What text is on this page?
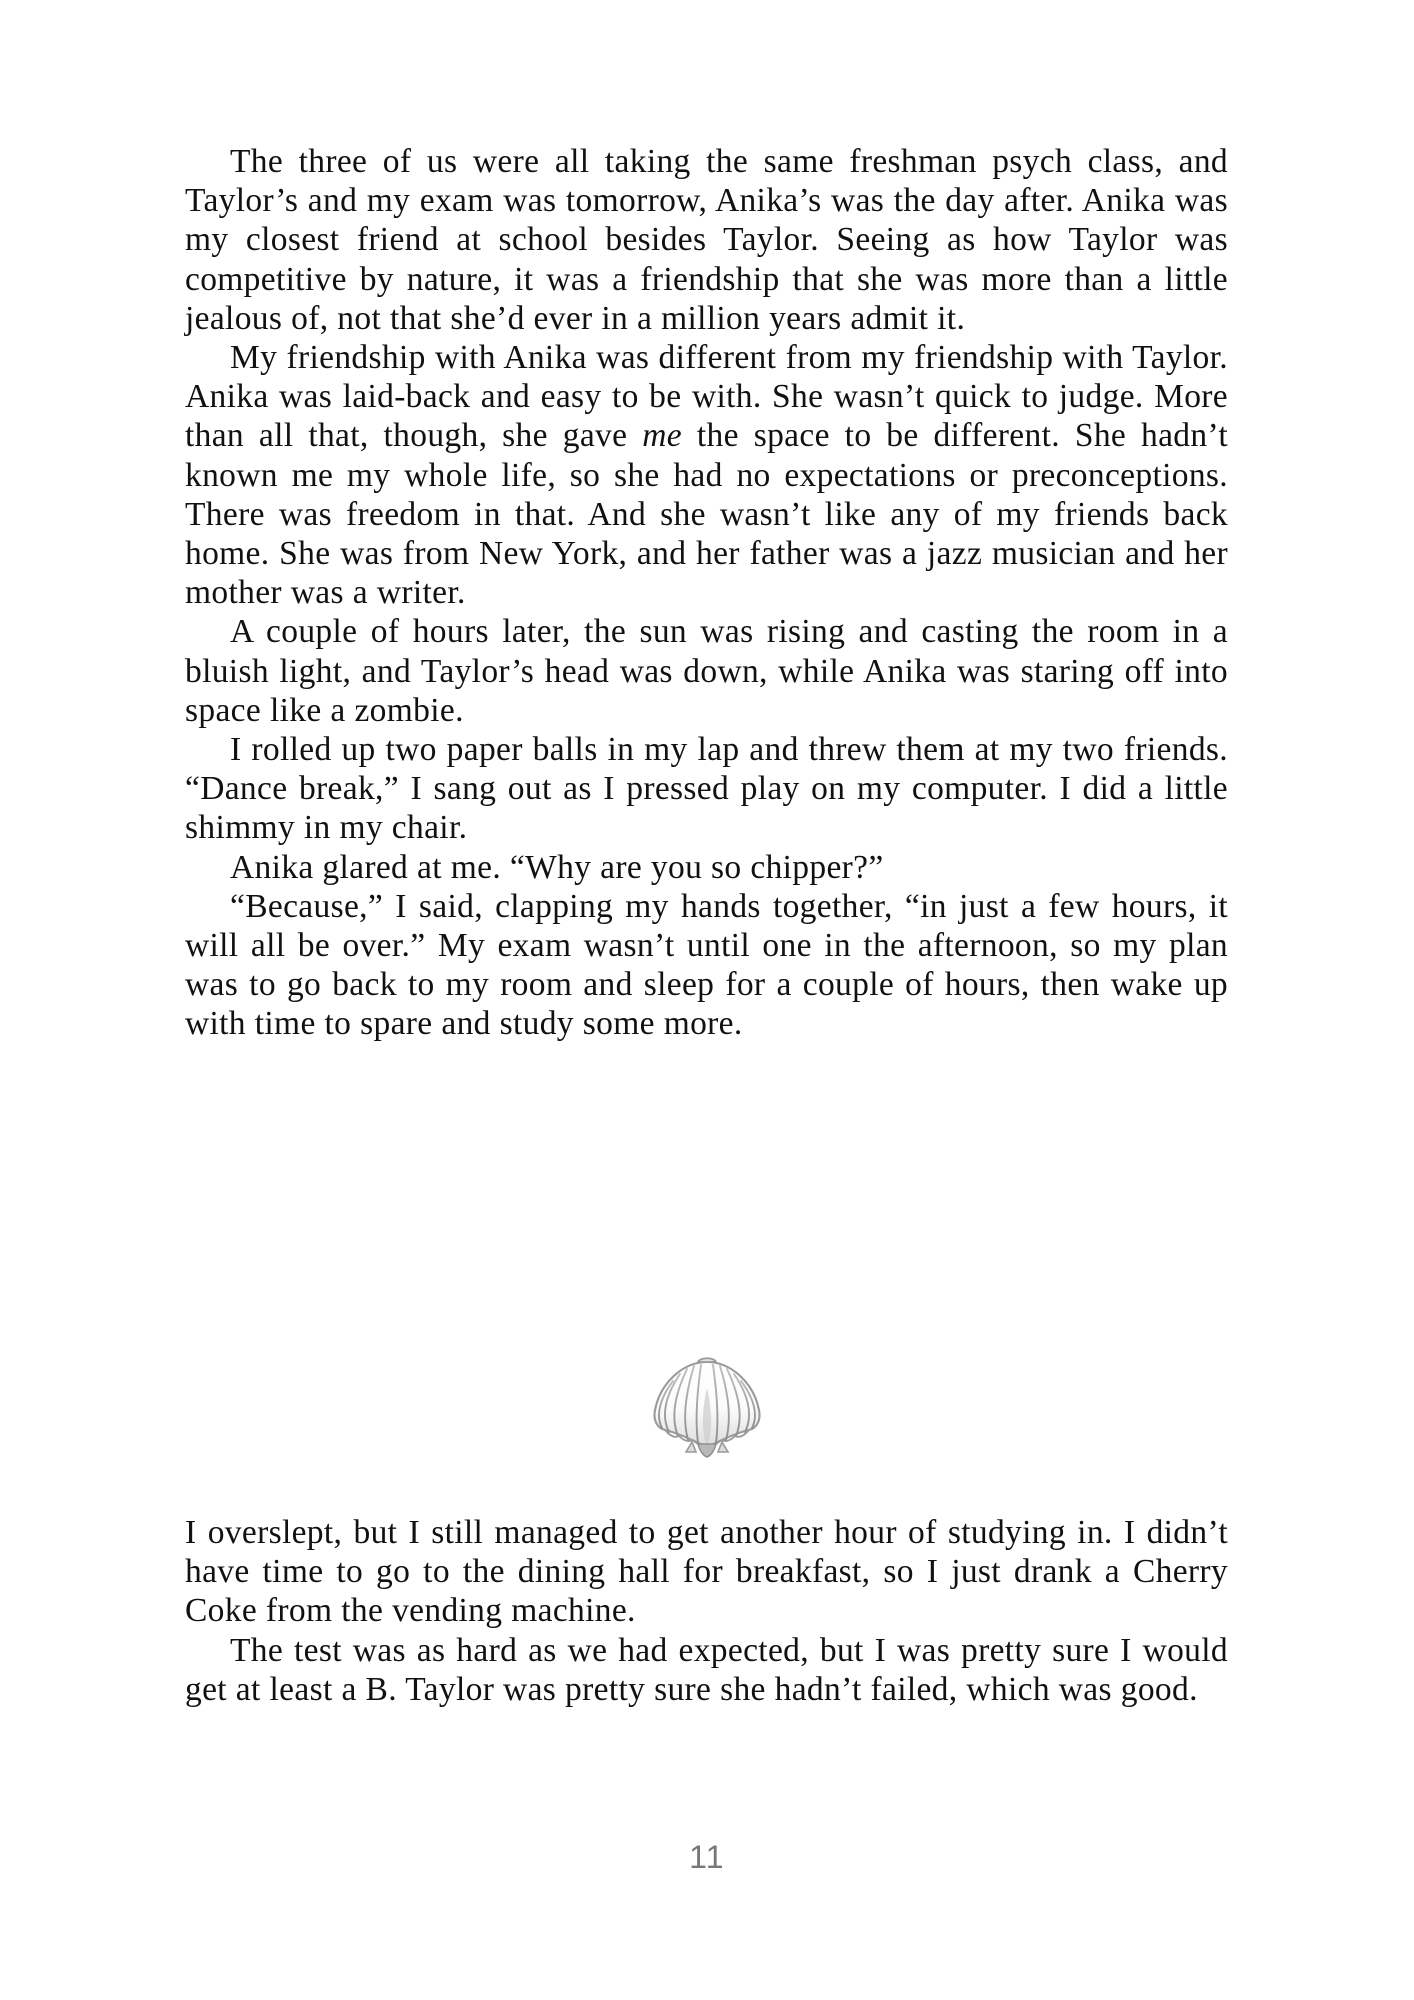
The three of us were all taking the same freshman psych class, and Taylor’s and my exam was tomorrow, Anika’s was the day after. Anika was my closest friend at school besides Taylor. Seeing as how Taylor was competitive by nature, it was a friendship that she was more than a little jealous of, not that she’d ever in a million years admit it.

My friendship with Anika was different from my friendship with Taylor. Anika was laid-back and easy to be with. She wasn’t quick to judge. More than all that, though, she gave me the space to be different. She hadn’t known me my whole life, so she had no expectations or preconceptions. There was freedom in that. And she wasn’t like any of my friends back home. She was from New York, and her father was a jazz musician and her mother was a writer.

A couple of hours later, the sun was rising and casting the room in a bluish light, and Taylor’s head was down, while Anika was staring off into space like a zombie.

I rolled up two paper balls in my lap and threw them at my two friends. “Dance break,” I sang out as I pressed play on my computer. I did a little shimmy in my chair.

Anika glared at me. “Why are you so chipper?”

“Because,” I said, clapping my hands together, “in just a few hours, it will all be over.” My exam wasn’t until one in the afternoon, so my plan was to go back to my room and sleep for a couple of hours, then wake up with time to spare and study some more.

I overslept, but I still managed to get another hour of studying in. I didn’t have time to go to the dining hall for breakfast, so I just drank a Cherry Coke from the vending machine.

The test was as hard as we had expected, but I was pretty sure I would get at least a B. Taylor was pretty sure she hadn’t failed, which was good.

11
